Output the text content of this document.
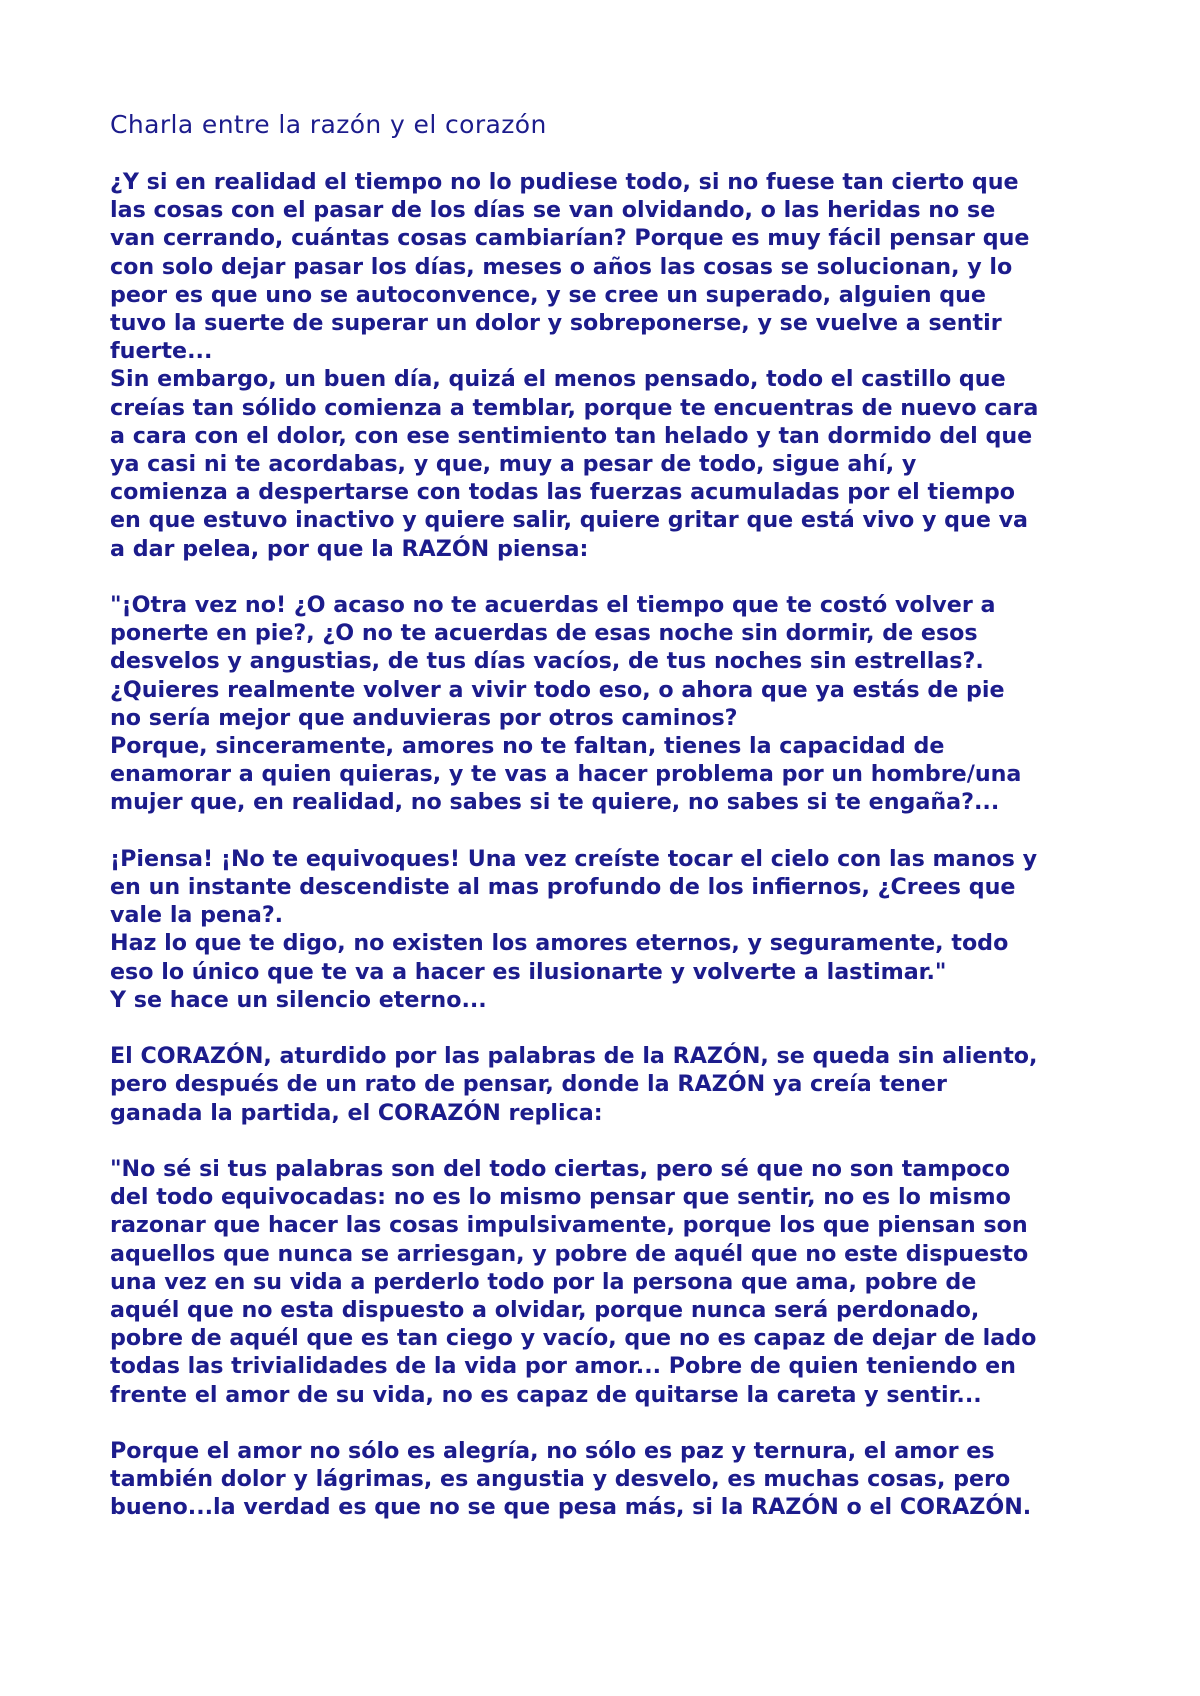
Charla entre la razón y el corazón
¿Y si en realidad el tiempo no lo pudiese todo, si no fuese tan cierto que
las cosas con el pasar de los días se van olvidando, o las heridas no se
van cerrando, cuántas cosas cambiarían? Porque es muy fácil pensar que
con solo dejar pasar los días, meses o años las cosas se solucionan, y lo
peor es que uno se autoconvence, y se cree un superado, alguien que
tuvo la suerte de superar un dolor y sobreponerse, y se vuelve a sentir
fuerte...
Sin embargo, un buen día, quizá el menos pensado, todo el castillo que
creías tan sólido comienza a temblar, porque te encuentras de nuevo cara
a cara con el dolor, con ese sentimiento tan helado y tan dormido del que
ya casi ni te acordabas, y que, muy a pesar de todo, sigue ahí, y
comienza a despertarse con todas las fuerzas acumuladas por el tiempo
en que estuvo inactivo y quiere salir, quiere gritar que está vivo y que va
a dar pelea, por que la RAZÓN piensa:
"¡Otra vez no! ¿O acaso no te acuerdas el tiempo que te costó volver a
ponerte en pie?, ¿O no te acuerdas de esas noche sin dormir, de esos
desvelos y angustias, de tus días vacíos, de tus noches sin estrellas?.
¿Quieres realmente volver a vivir todo eso, o ahora que ya estás de pie
no sería mejor que anduvieras por otros caminos?
Porque, sinceramente, amores no te faltan, tienes la capacidad de
enamorar a quien quieras, y te vas a hacer problema por un hombre/una
mujer que, en realidad, no sabes si te quiere, no sabes si te engaña?...
¡Piensa! ¡No te equivoques! Una vez creíste tocar el cielo con las manos y
en un instante descendiste al mas profundo de los infiernos, ¿Crees que
vale la pena?.
Haz lo que te digo, no existen los amores eternos, y seguramente, todo
eso lo único que te va a hacer es ilusionarte y volverte a lastimar."
Y se hace un silencio eterno...
El CORAZÓN, aturdido por las palabras de la RAZÓN, se queda sin aliento,
pero después de un rato de pensar, donde la RAZÓN ya creía tener
ganada la partida, el CORAZÓN replica:
"No sé si tus palabras son del todo ciertas, pero sé que no son tampoco
del todo equivocadas: no es lo mismo pensar que sentir, no es lo mismo
razonar que hacer las cosas impulsivamente, porque los que piensan son
aquellos que nunca se arriesgan, y pobre de aquél que no este dispuesto
una vez en su vida a perderlo todo por la persona que ama, pobre de
aquél que no esta dispuesto a olvidar, porque nunca será perdonado,
pobre de aquél que es tan ciego y vacío, que no es capaz de dejar de lado
todas las trivialidades de la vida por amor... Pobre de quien teniendo en
frente el amor de su vida, no es capaz de quitarse la careta y sentir...
Porque el amor no sólo es alegría, no sólo es paz y ternura, el amor es
también dolor y lágrimas, es angustia y desvelo, es muchas cosas, pero
bueno...la verdad es que no se que pesa más, si la RAZÓN o el CORAZÓN.
